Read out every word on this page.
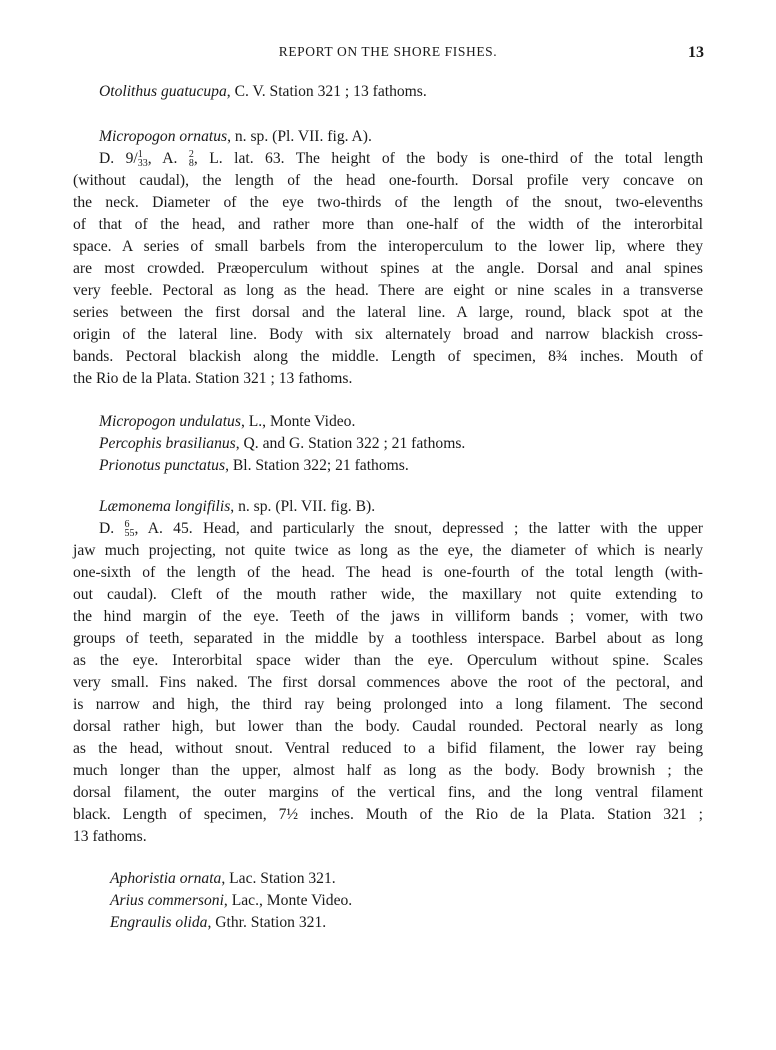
REPORT ON THE SHORE FISHES.	13
Otolithus guatucupa, C. V. Station 321 ; 13 fathoms.
Micropogon ornatus, n. sp. (Pl. VII. fig. A).
D. 9/ 1
33 , A. 2
8 , L. lat. 63. The height of the body is one-third of the total length
(without caudal), the length of the head one-fourth. Dorsal profile very concave on
the neck. Diameter of the eye two-thirds of the length of the snout, two-elevenths
of that of the head, and rather more than one-half of the width of the interorbital
space. A series of small barbels from the interoperculum to the lower lip, where they
are most crowded. Præoperculum without spines at the angle. Dorsal and anal spines
very feeble. Pectoral as long as the head. There are eight or nine scales in a transverse
series between the first dorsal and the lateral line. A large, round, black spot at the
origin of the lateral line. Body with six alternately broad and narrow blackish cross-
bands. Pectoral blackish along the middle. Length of specimen, 8¾ inches. Mouth of
the Rio de la Plata. Station 321 ; 13 fathoms.
Micropogon undulatus, L., Monte Video.
Percophis brasilianus, Q. and G. Station 322 ; 21 fathoms.
Prionotus punctatus, Bl. Station 322; 21 fathoms.
Læmonema longifilis, n. sp. (Pl. VII. fig. B).
D. 6
55 , A. 45. Head, and particularly the snout, depressed ; the latter with the upper
jaw much projecting, not quite twice as long as the eye, the diameter of which is nearly
one-sixth of the length of the head. The head is one-fourth of the total length (with-
out caudal). Cleft of the mouth rather wide, the maxillary not quite extending to
the hind margin of the eye. Teeth of the jaws in villiform bands ; vomer, with two
groups of teeth, separated in the middle by a toothless interspace. Barbel about as long
as the eye. Interorbital space wider than the eye. Operculum without spine. Scales
very small. Fins naked. The first dorsal commences above the root of the pectoral, and
is narrow and high, the third ray being prolonged into a long filament. The second
dorsal rather high, but lower than the body. Caudal rounded. Pectoral nearly as long
as the head, without snout. Ventral reduced to a bifid filament, the lower ray being
much longer than the upper, almost half as long as the body. Body brownish ; the
dorsal filament, the outer margins of the vertical fins, and the long ventral filament
black. Length of specimen, 7½ inches. Mouth of the Rio de la Plata. Station 321 ;
13 fathoms.
Aphoristia ornata, Lac. Station 321.
Arius commersoni, Lac., Monte Video.
Engraulis olida, Gthr. Station 321.
